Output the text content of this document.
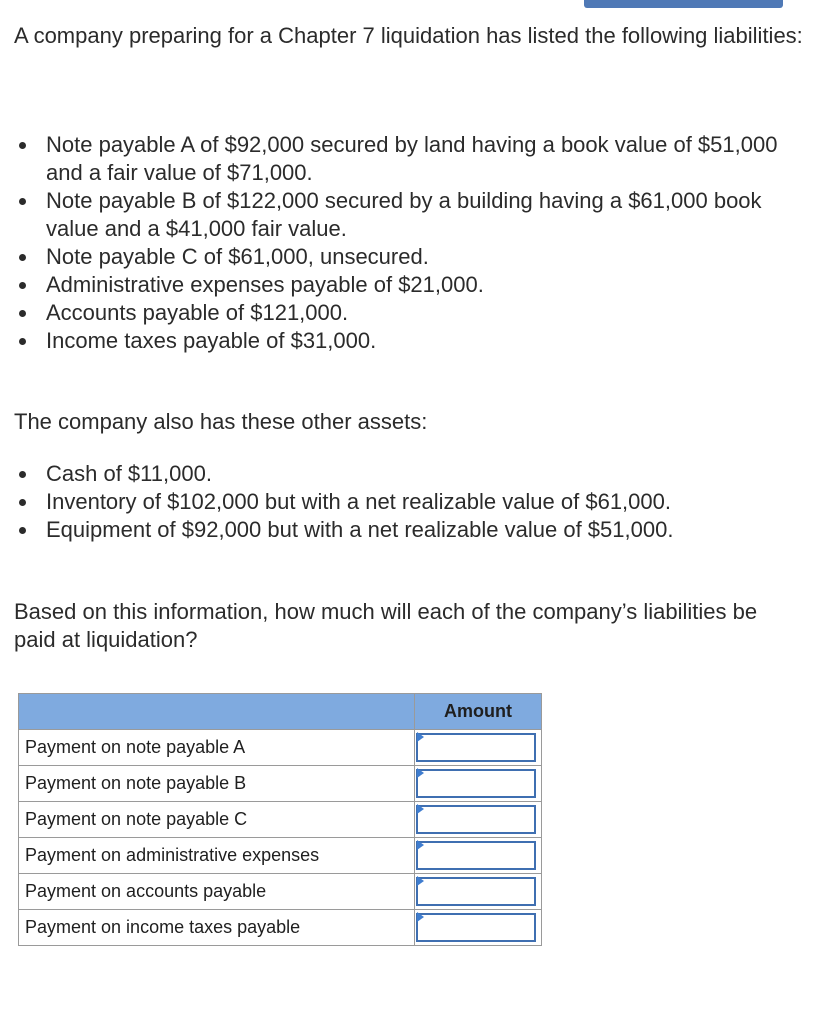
A company preparing for a Chapter 7 liquidation has listed the following liabilities:
Note payable A of $92,000 secured by land having a book value of $51,000 and a fair value of $71,000.
Note payable B of $122,000 secured by a building having a $61,000 book value and a $41,000 fair value.
Note payable C of $61,000, unsecured.
Administrative expenses payable of $21,000.
Accounts payable of $121,000.
Income taxes payable of $31,000.
The company also has these other assets:
Cash of $11,000.
Inventory of $102,000 but with a net realizable value of $61,000.
Equipment of $92,000 but with a net realizable value of $51,000.
Based on this information, how much will each of the company’s liabilities be paid at liquidation?
	Amount
Payment on note payable A	

Payment on note payable B	

Payment on note payable C	

Payment on administrative expenses	

Payment on accounts payable	

Payment on income taxes payable	
